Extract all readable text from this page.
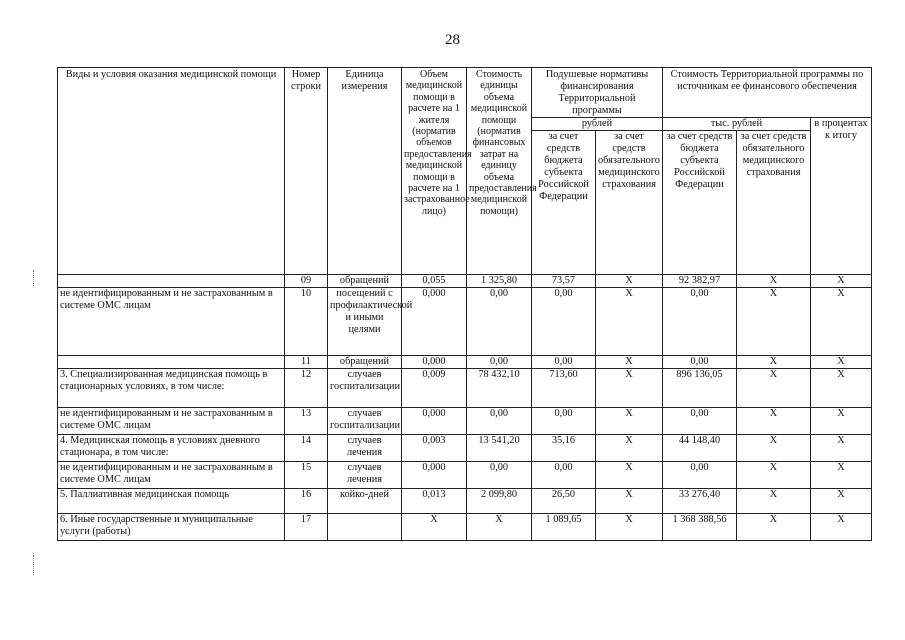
28
Виды и условия оказания медицинской помощи	Номер строки	Единица измерения	Объем медицинской помощи в расчете на 1 жителя (норматив объемов предоставления медицинской помощи в расчете на 1 застрахованное лицо)	Стоимость единицы объема медицинской помощи (норматив финансовых затрат на единицу объема предоставления медицинской помощи)	Подушевые нормативы финансирования Территориальной программы		Стоимость Территориальной программы по источникам ее финансового обеспечения		
					рублей		тыс. рублей		в процентах к итогу
					за счет средств бюджета субъекта Российской Федерации	за счет средств обязательного медицинского страхования	за счет средств бюджета субъекта Российской Федерации	за счет средств обязательного медицинского страхования	
	09	обращений	0,055	1 325,80	73,57	Х	92 382,97	Х	Х
не идентифицированным и не застрахованным в системе ОМС лицам	10	посещений с профилактической и иными целями	0,000	0,00	0,00	Х	0,00	Х	Х
	11	обращений	0,000	0,00	0,00	Х	0,00	Х	Х
3. Специализированная медицинская помощь в стационарных условиях, в том числе:	12	случаев госпитализации	0,009	78 432,10	713,60	Х	896 136,05	Х	Х
не идентифицированным и не застрахованным в системе ОМС лицам	13	случаев госпитализации	0,000	0,00	0,00	Х	0,00	Х	Х
4. Медицинская помощь в условиях дневного стационара, в том числе:	14	случаев лечения	0,003	13 541,20	35,16	Х	44 148,40	Х	Х
не идентифицированным и не застрахованным в системе ОМС лицам	15	случаев лечения	0,000	0,00	0,00	Х	0,00	Х	Х
5. Паллиативная медицинская помощь	16	койко-дней	0,013	2 099,80	26,50	Х	33 276,40	Х	Х
6. Иные государственные и муниципальные услуги (работы)	17		Х	Х	1 089,65	Х	1 368 388,56	Х	Х
